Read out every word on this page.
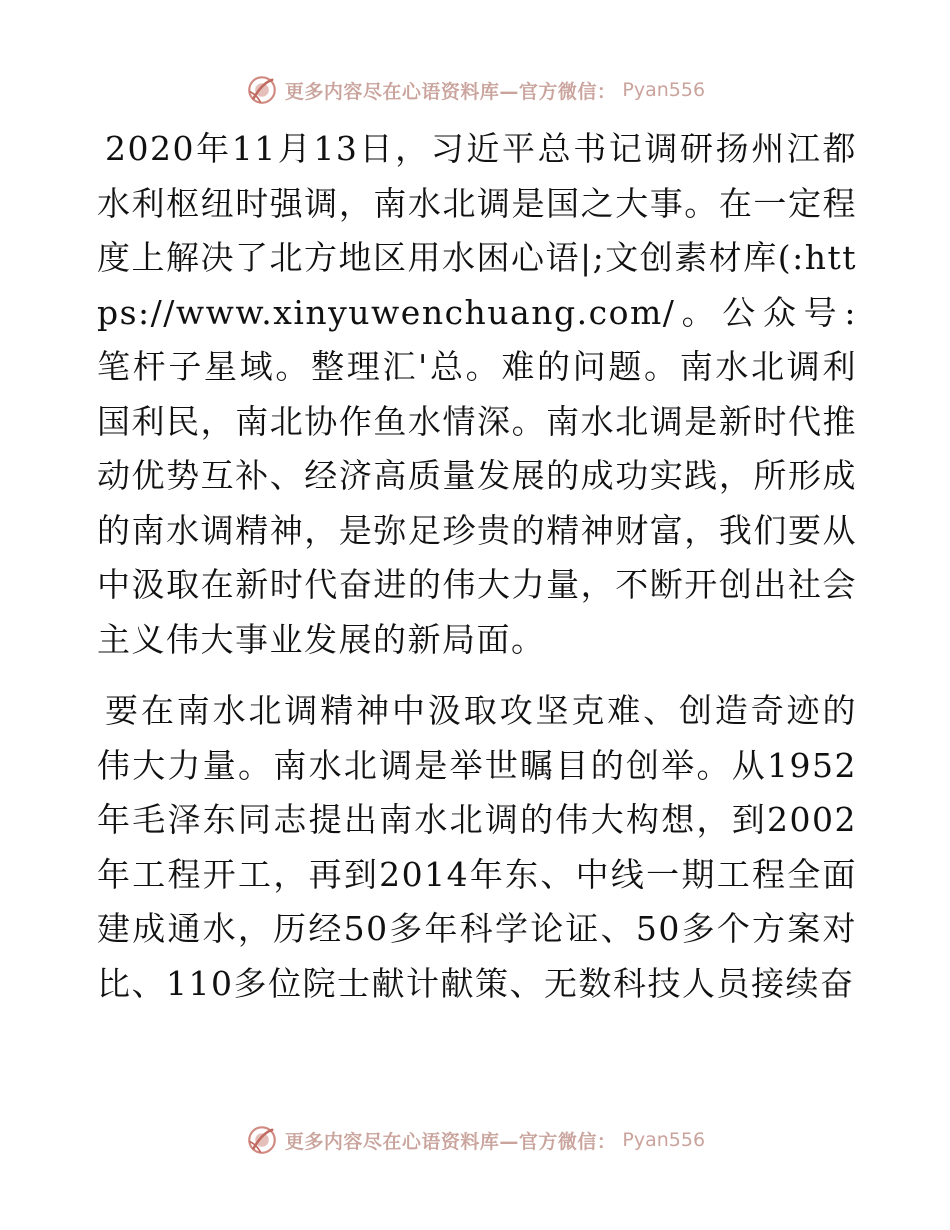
更多内容尽在心语资料库—官方微信： Pyan556

2020年11月13日，习近平总书记调研扬州江都水利枢纽时强调，南水北调是国之大事。在一定程度上解决了北方地区用水困心语|;文创素材库(:https://www.xinyuwenchuang.com/。公众号: 笔杆子星域。整理汇'总。难的问题。南水北调利国利民，南北协作鱼水情深。南水北调是新时代推动优势互补、经济高质量发展的成功实践，所形成的南水调精神，是弥足珍贵的精神财富，我们要从中汲取在新时代奋进的伟大力量，不断开创出社会主义伟大事业发展的新局面。

要在南水北调精神中汲取攻坚克难、创造奇迹的伟大力量。南水北调是举世瞩目的创举。从1952年毛泽东同志提出南水北调的伟大构想，到2002年工程开工，再到2014年东、中线一期工程全面建成通水，历经50多年科学论证、50多个方案对比、110多位院士献计献策、无数科技人员接续奋

更多内容尽在心语资料库—官方微信： Pyan556
